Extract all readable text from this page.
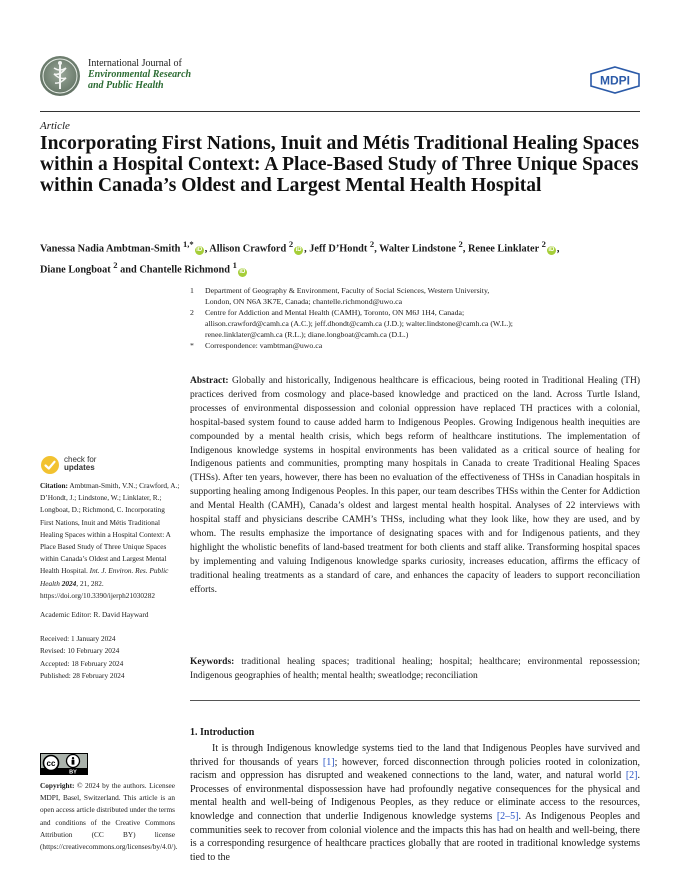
International Journal of
Environmental Research
and Public Health	MDPI
Article
Incorporating First Nations, Inuit and Métis Traditional Healing Spaces within a Hospital Context: A Place-Based Study of Three Unique Spaces within Canada’s Oldest and Largest Mental Health Hospital
Vanessa Nadia Ambtman-Smith $^{1,*}$iD , Allison Crawford $^2$iD , Jeff D’Hondt $^2$, Walter Lindstone $^2$, Renee Linklater $^2$iD ,
Diane Longboat $^2$ and Chantelle Richmond $^1$iD
1 Department of Geography & Environment, Faculty of Social Sciences, Western University,
London, ON N6A 3K7E, Canada; chantelle.richmond@uwo.ca
2 Centre for Addiction and Mental Health (CAMH), Toronto, ON M6J 1H4, Canada;
allison.crawford@camh.ca (A.C.); jeff.dhondt@camh.ca (J.D.); walter.lindstone@camh.ca (W.L.);
renee.linklater@camh.ca (R.L.); diane.longboat@camh.ca (D.L.)
* Correspondence: vambtman@uwo.ca
Abstract: Globally and historically, Indigenous healthcare is efficacious, being rooted in Traditional Healing (TH) practices derived from cosmology and place-based knowledge and practiced on the land. Across Turtle Island, processes of environmental dispossession and colonial oppression have replaced TH practices with a colonial, hospital-based system found to cause added harm to Indigenous Peoples. Growing Indigenous health inequities are compounded by a mental health crisis, which begs reform of healthcare institutions. The implementation of Indigenous knowledge systems in hospital environments has been validated as a critical source of healing for Indigenous patients and communities, prompting many hospitals in Canada to create Traditional Healing Spaces (THSs). After ten years, however, there has been no evaluation of the effectiveness of THSs in Canadian hospitals in supporting healing among Indigenous Peoples. In this paper, our team describes THSs within the Center for Addiction and Mental Health (CAMH), Canada’s oldest and largest mental health hospital. Analyses of 22 interviews with hospital staff and physicians describe CAMH’s THSs, including what they look like, how they are used, and by whom. The results emphasize the importance of designating spaces with and for Indigenous patients, and they highlight the wholistic benefits of land-based treatment for both clients and staff alike. Transforming hospital spaces by implementing and valuing Indigenous knowledge sparks curiosity, increases education, affirms the efficacy of traditional healing treatments as a standard of care, and enhances the capacity of leaders to support reconciliation efforts.
Keywords: traditional healing spaces; traditional healing; hospital; healthcare; environmental repossession; Indigenous geographies of health; mental health; sweatlodge; reconciliation
1. Introduction
It is through Indigenous knowledge systems tied to the land that Indigenous Peoples have survived and thrived for thousands of years [1]; however, forced disconnection through policies rooted in colonization, racism and oppression has disrupted and weakened connections to the land, water, and natural world [2]. Processes of environmental dispossession have had profoundly negative consequences for the physical and mental health and well-being of Indigenous Peoples, as they reduce or eliminate access to the resources, knowledge and connection that underlie Indigenous knowledge systems [2–5]. As Indigenous Peoples and communities seek to recover from colonial violence and the impacts this has had on health and well-being, there is a corresponding resurgence of healthcare practices globally that are rooted in traditional knowledge systems tied to the
check for
updates

Citation: Ambtman-Smith, V.N.; Crawford, A.; D’Hondt, J.; Lindstone, W.; Linklater, R.; Longboat, D.; Richmond, C. Incorporating First Nations, Inuit and Métis Traditional Healing Spaces within a Hospital Context: A Place Based Study of Three Unique Spaces within Canada’s Oldest and Largest Mental Health Hospital. Int. J. Environ. Res. Public Health 2024, 21, 282. https://doi.org/10.3390/ijerph21030282

Academic Editor: R. David Hayward

Received: 1 January 2024
Revised: 10 February 2024
Accepted: 18 February 2024
Published: 28 February 2024

cc
BY
Copyright: © 2024 by the authors. Licensee MDPI, Basel, Switzerland. This article is an open access article distributed under the terms and conditions of the Creative Commons Attribution (CC BY) license (https://creativecommons.org/licenses/by/4.0/).
